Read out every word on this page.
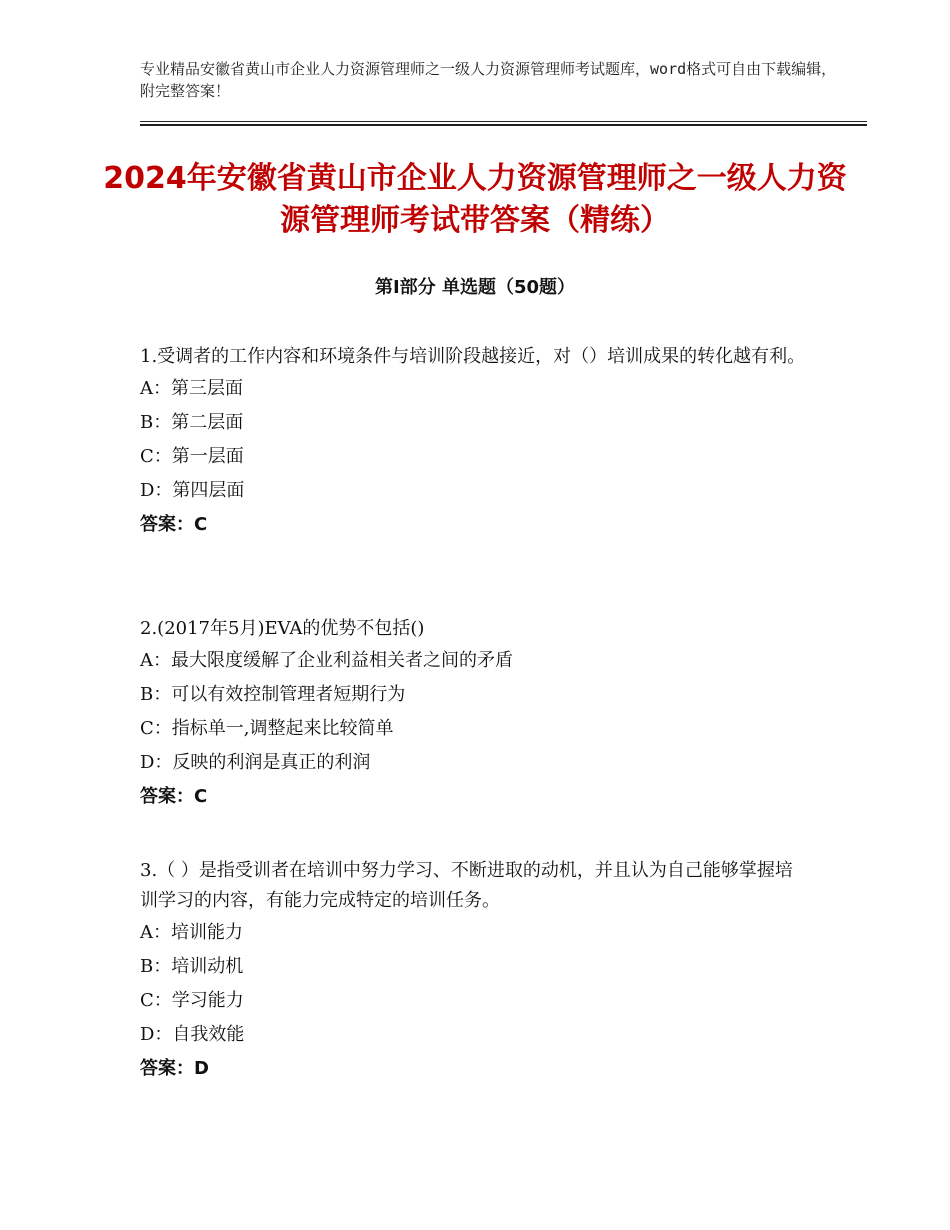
专业精品安徽省黄山市企业人力资源管理师之一级人力资源管理师考试题库，word格式可自由下载编辑，附完整答案！
2024年安徽省黄山市企业人力资源管理师之一级人力资源管理师考试带答案（精练）
第Ⅰ部分 单选题（50题）

1.受调者的工作内容和环境条件与培训阶段越接近，对（）培训成果的转化越有利。

A：第三层面

B：第二层面

C：第一层面

D：第四层面

答案：C

2.(2017年5月)EVA的优势不包括()

A：最大限度缓解了企业利益相关者之间的矛盾

B：可以有效控制管理者短期行为

C：指标单一,调整起来比较简单

D：反映的利润是真正的利润

答案：C

3.（ ）是指受训者在培训中努力学习、不断进取的动机，并且认为自己能够掌握培训学习的内容，有能力完成特定的培训任务。

A：培训能力

B：培训动机

C：学习能力

D：自我效能

答案：D
